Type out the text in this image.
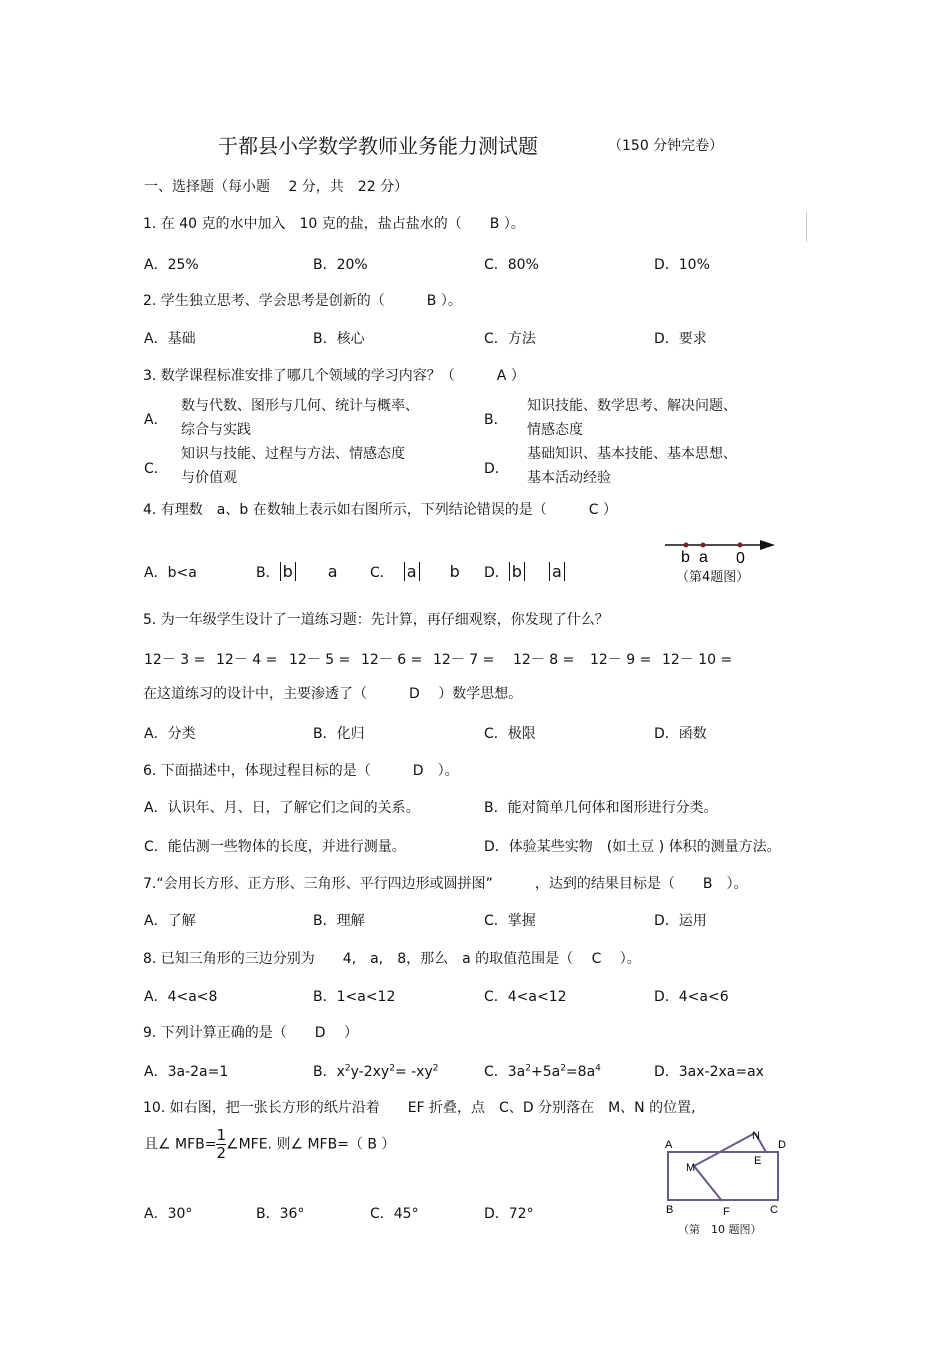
于都县小学数学教师业务能力测试题	（150 分钟完卷）
一、选择题（每小题　 2 分，共　22 分）
1. 在 40 克的水中加入　10 克的盐，盐占盐水的（　　B ）。
A．25%	B．20%	C．80%	D．10%
2. 学生独立思考、学会思考是创新的（　　　B ）。
A．基础	B．核心	C．方法	D．要求
3. 数学课程标准安排了哪几个领域的学习内容？（　　　A ）
A．
数与代数、图形与几何、统计与概率、
综合与实践
B．
知识技能、数学思考、解决问题、
情感态度
C．
知识与技能、过程与方法、情感态度
与价值观
D．
基础知识、基本技能、基本思想、
基本活动经验
4. 有理数　a、b 在数轴上表示如右图所示，下列结论错误的是（　　　C ）
A．b<a	B． b a C． a b D． b a
b a 0
（第4题图）
5. 为一年级学生设计了一道练习题：先计算，再仔细观察，你发现了什么？
12－ 3 = 12－ 4 = 12－ 5 = 12－ 6 = 12－ 7 = 12－ 8 = 12－ 9 = 12－ 10 =
在这道练习的设计中，主要渗透了（　　　D　 ）数学思想。
A．分类	B．化归	C．极限	D．函数
6. 下面描述中，体现过程目标的是（　　　D　）。
A．认识年、月、日，了解它们之间的关系。	B．能对简单几何体和图形进行分类。
C．能估测一些物体的长度，并进行测量。	D．体验某些实物　(如土豆 ) 体积的测量方法。
7.“会用长方形、正方形、三角形、平行四边形或圆拼图”　　　，达到的结果目标是（　　B　）。
A．了解	B．理解	C．掌握	D．运用
8. 已知三角形的三边分别为　　4,　a,　8，那么　a 的取值范围是（　 C　 ）。
A．4<a<8	B．1<a<12	C．4<a<12	D．4<a<6
9. 下列计算正确的是（　　D　 ）
A．3a-2a=1	B．$x^2y-2xy^2= -xy^2$	C．$3a^2+5a^2=8a^4$	D．3ax-2xa=ax
10. 如右图，把一张长方形的纸片沿着　　EF 折叠，点　C、D 分别落在　M、N 的位置,
且∠ $MFB= \frac{1}{2}$ ∠MFE. 则∠ MFB=（ B ）
A．30°	B．36°	C．45°	D．72°
A
N
D
E
M
B	F	C
（第　10 题图）
